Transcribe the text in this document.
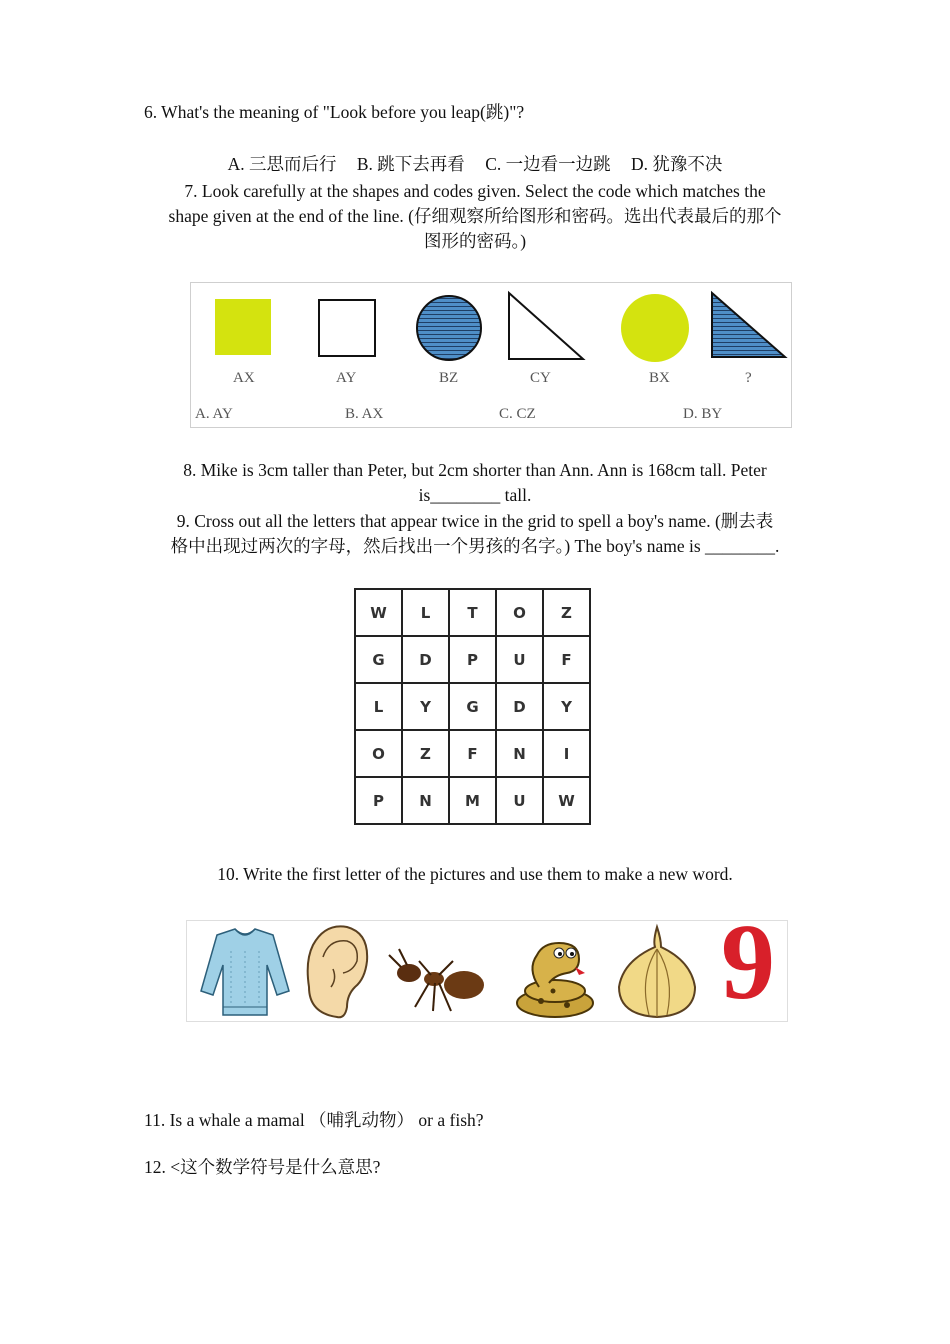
6. What's the meaning of "Look before you leap(跳)"?
A. 三思而后行 B. 跳下去再看 C. 一边看一边跳 D. 犹豫不决
7. Look carefully at the shapes and codes given. Select the code which matches the
shape given at the end of the line. (仔细观察所给图形和密码。选出代表最后的那个
图形的密码。)
AX	AY	BZ	CY	BX	?
A. AY	B. AX	C. CZ	D. BY
8. Mike is 3cm taller than Peter, but 2cm shorter than Ann. Ann is 168cm tall. Peter
is________ tall.
9. Cross out all the letters that appear twice in the grid to spell a boy's name. (删去表
格中出现过两次的字母，然后找出一个男孩的名字。) The boy's name is ________.
W	L	T	O	Z
G	D	P	U	F
L	Y	G	D	Y
O	Z	F	N	I
P	N	M	U	W
10. Write the first letter of the pictures and use them to make a new word.
9
11. Is a whale a mamal （哺乳动物） or a fish?
12. <这个数学符号是什么意思?
